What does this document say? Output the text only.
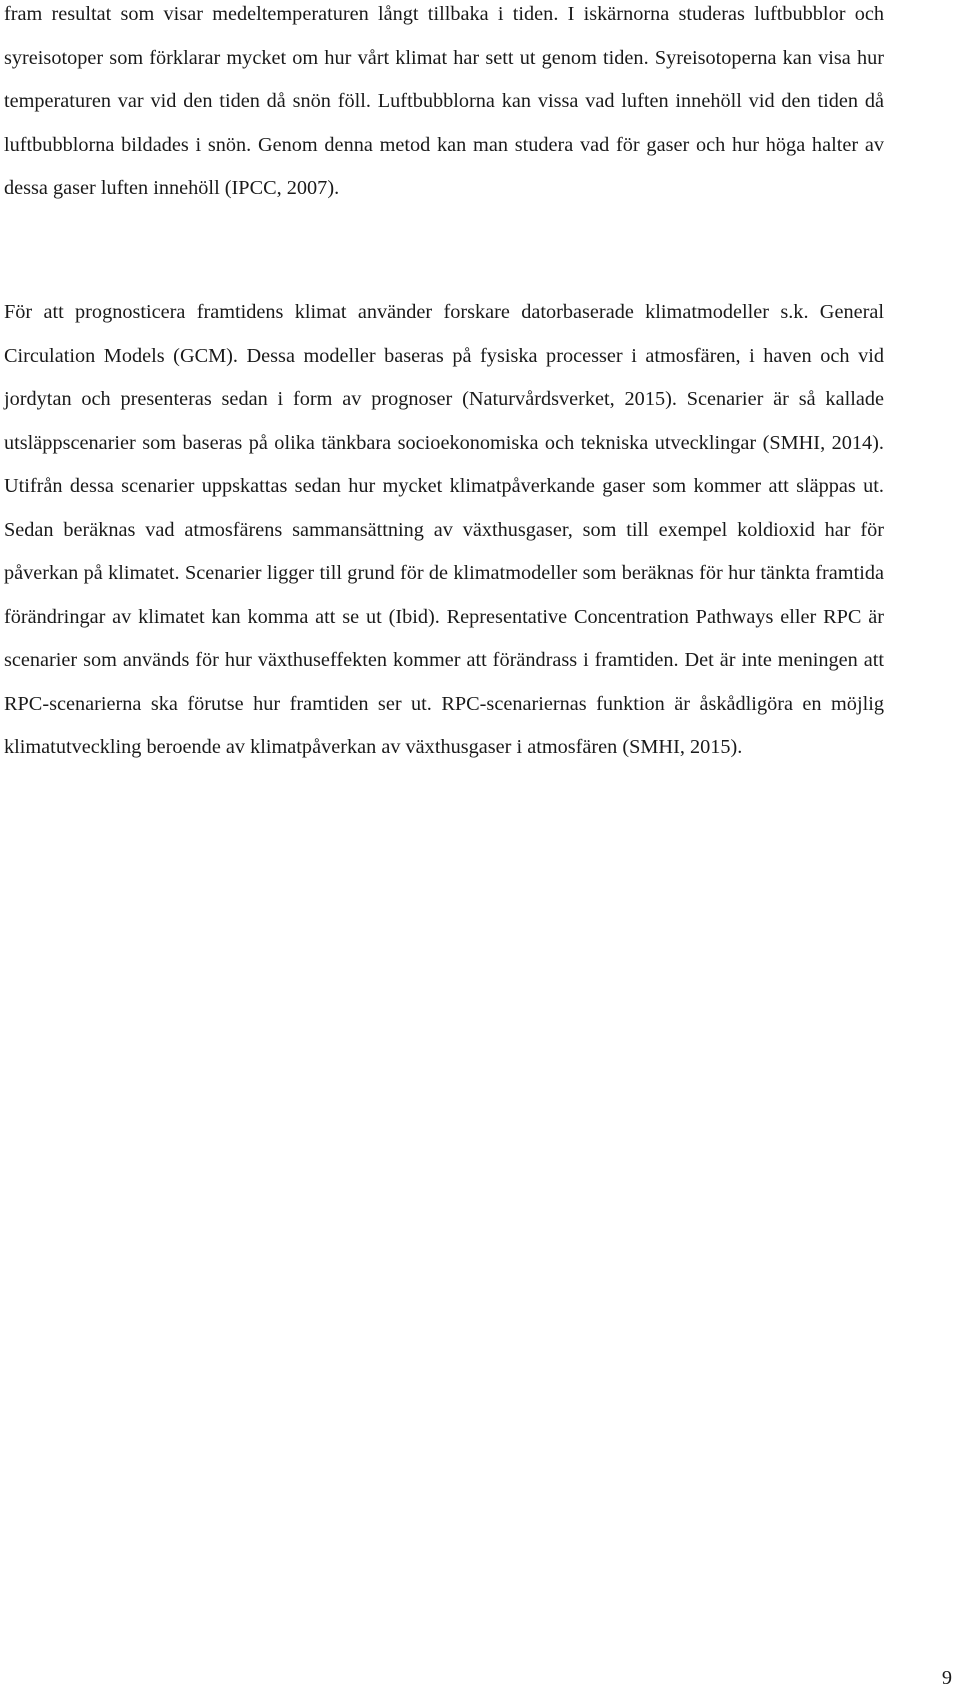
fram resultat som visar medeltemperaturen långt tillbaka i tiden. I iskärnorna studeras luftbubblor och syreisotoper som förklarar mycket om hur vårt klimat har sett ut genom tiden. Syreisotoperna kan visa hur temperaturen var vid den tiden då snön föll. Luftbubblorna kan vissa vad luften innehöll vid den tiden då luftbubblorna bildades i snön. Genom denna metod kan man studera vad för gaser och hur höga halter av dessa gaser luften innehöll (IPCC, 2007).

För att prognosticera framtidens klimat använder forskare datorbaserade klimatmodeller s.k. General Circulation Models (GCM). Dessa modeller baseras på fysiska processer i atmosfären, i haven och vid jordytan och presenteras sedan i form av prognoser (Naturvårdsverket, 2015). Scenarier är så kallade utsläppscenarier som baseras på olika tänkbara socioekonomiska och tekniska utvecklingar (SMHI, 2014). Utifrån dessa scenarier uppskattas sedan hur mycket klimatpåverkande gaser som kommer att släppas ut. Sedan beräknas vad atmosfärens sammansättning av växthusgaser, som till exempel koldioxid har för påverkan på klimatet. Scenarier ligger till grund för de klimatmodeller som beräknas för hur tänkta framtida förändringar av klimatet kan komma att se ut (Ibid). Representative Concentration Pathways eller RPC är scenarier som används för hur växthuseffekten kommer att förändrass i framtiden. Det är inte meningen att RPC-scenarierna ska förutse hur framtiden ser ut. RPC-scenariernas funktion är åskådligöra en möjlig klimatutveckling beroende av klimatpåverkan av växthusgaser i atmosfären (SMHI, 2015).

9
